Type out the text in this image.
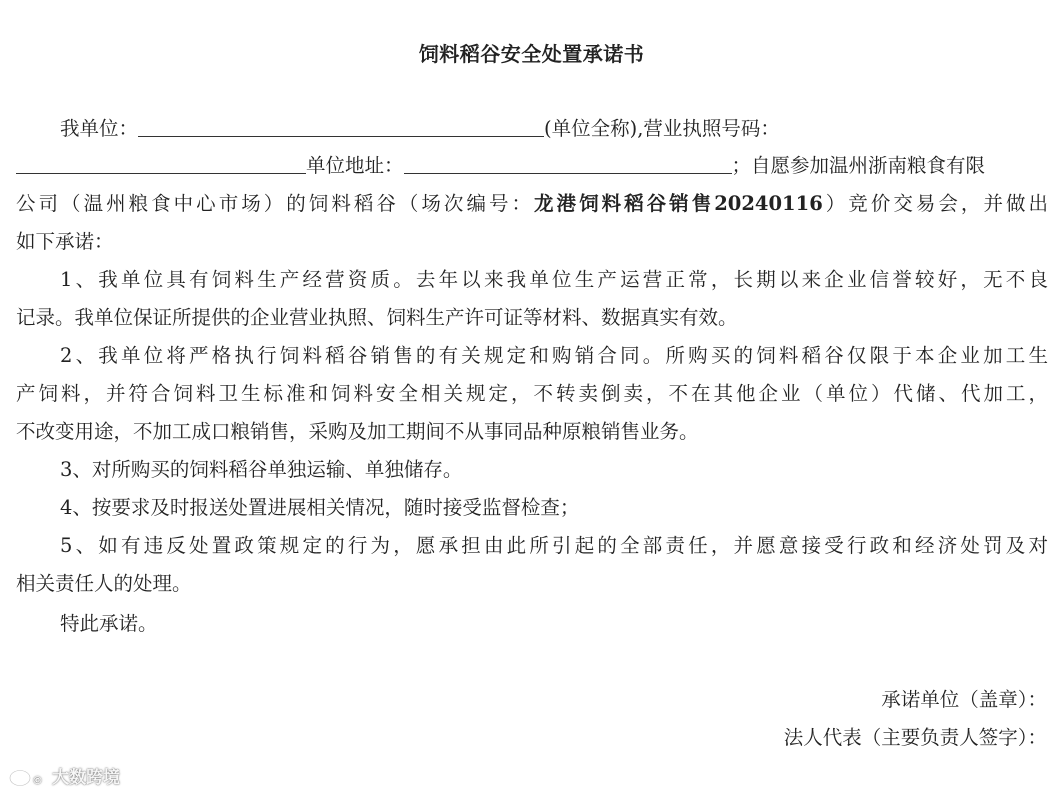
饲料稻谷安全处置承诺书
我单位：	(单位全称),营业执照号码：
单位地址：	；自愿参加温州浙南粮食有限
公司（温州粮食中心市场）的饲料稻谷（场次编号：龙港饲料稻谷销售20240116）竞价交易会，并做出
如下承诺：
1、我单位具有饲料生产经营资质。去年以来我单位生产运营正常，长期以来企业信誉较好，无不良
记录。我单位保证所提供的企业营业执照、饲料生产许可证等材料、数据真实有效。
2、我单位将严格执行饲料稻谷销售的有关规定和购销合同。所购买的饲料稻谷仅限于本企业加工生
产饲料，并符合饲料卫生标准和饲料安全相关规定，不转卖倒卖，不在其他企业（单位）代储、代加工，
不改变用途，不加工成口粮销售，采购及加工期间不从事同品种原粮销售业务。
3、对所购买的饲料稻谷单独运输、单独储存。
4、按要求及时报送处置进展相关情况，随时接受监督检查；
5、如有违反处置政策规定的行为，愿承担由此所引起的全部责任，并愿意接受行政和经济处罚及对
相关责任人的处理。
特此承诺。
承诺单位（盖章）：
法人代表（主要负责人签字）：
© 大数跨境
